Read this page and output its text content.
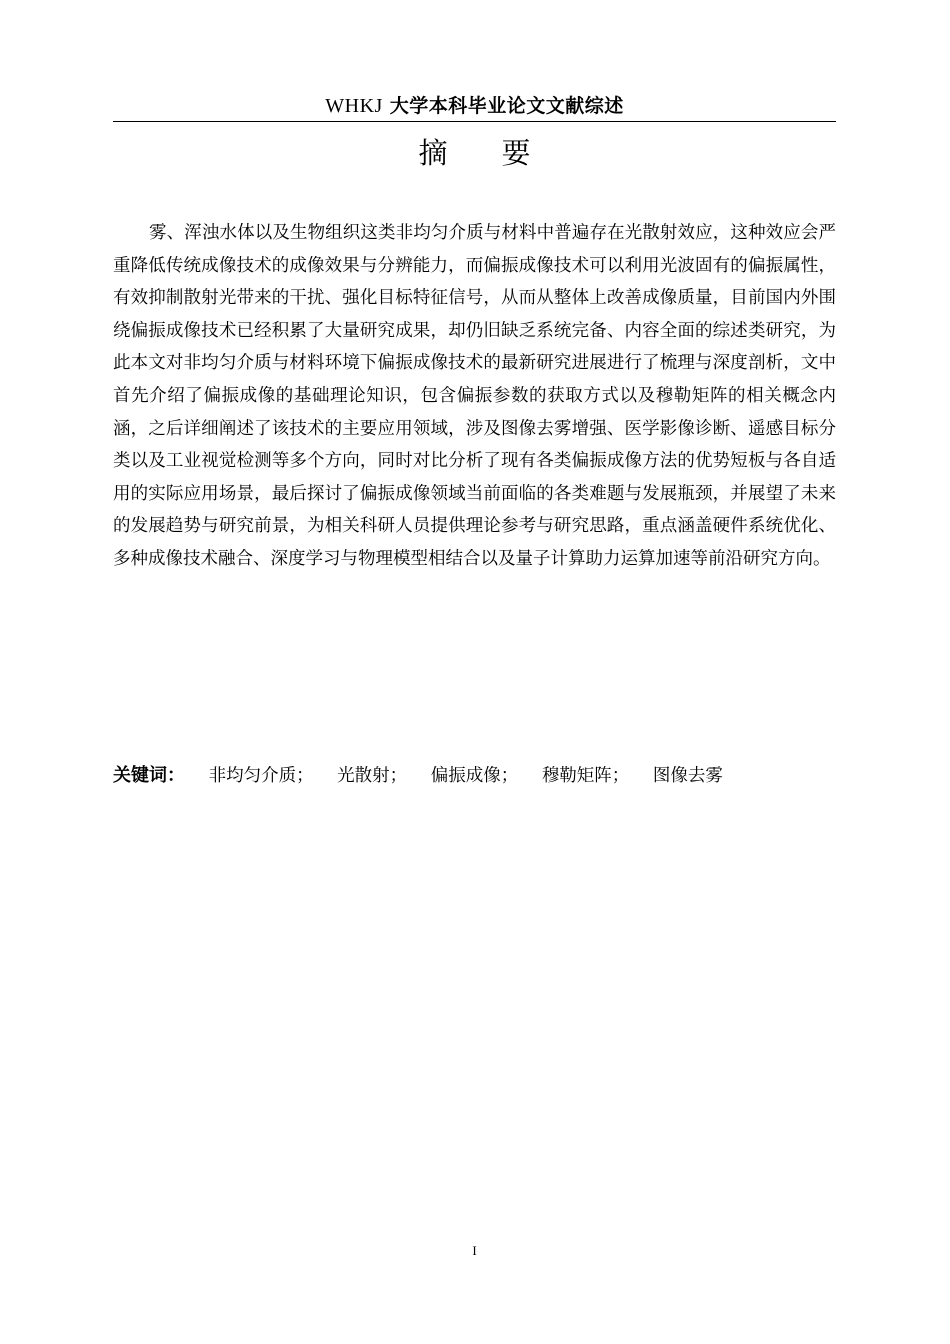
WHKJ 大学本科毕业论文文献综述
摘要

雾、浑浊水体以及生物组织这类非均匀介质与材料中普遍存在光散射效应，这种效应会严重降低传统成像技术的成像效果与分辨能力，而偏振成像技术可以利用光波固有的偏振属性，有效抑制散射光带来的干扰、强化目标特征信号，从而从整体上改善成像质量，目前国内外围绕偏振成像技术已经积累了大量研究成果，却仍旧缺乏系统完备、内容全面的综述类研究，为此本文对非均匀介质与材料环境下偏振成像技术的最新研究进展进行了梳理与深度剖析，文中首先介绍了偏振成像的基础理论知识，包含偏振参数的获取方式以及穆勒矩阵的相关概念内涵，之后详细阐述了该技术的主要应用领域，涉及图像去雾增强、医学影像诊断、遥感目标分类以及工业视觉检测等多个方向，同时对比分析了现有各类偏振成像方法的优势短板与各自适用的实际应用场景，最后探讨了偏振成像领域当前面临的各类难题与发展瓶颈，并展望了未来的发展趋势与研究前景，为相关科研人员提供理论参考与研究思路，重点涵盖硬件系统优化、多种成像技术融合、深度学习与物理模型相结合以及量子计算助力运算加速等前沿研究方向。

关键词： 非均匀介质； 光散射； 偏振成像； 穆勒矩阵； 图像去雾
I
